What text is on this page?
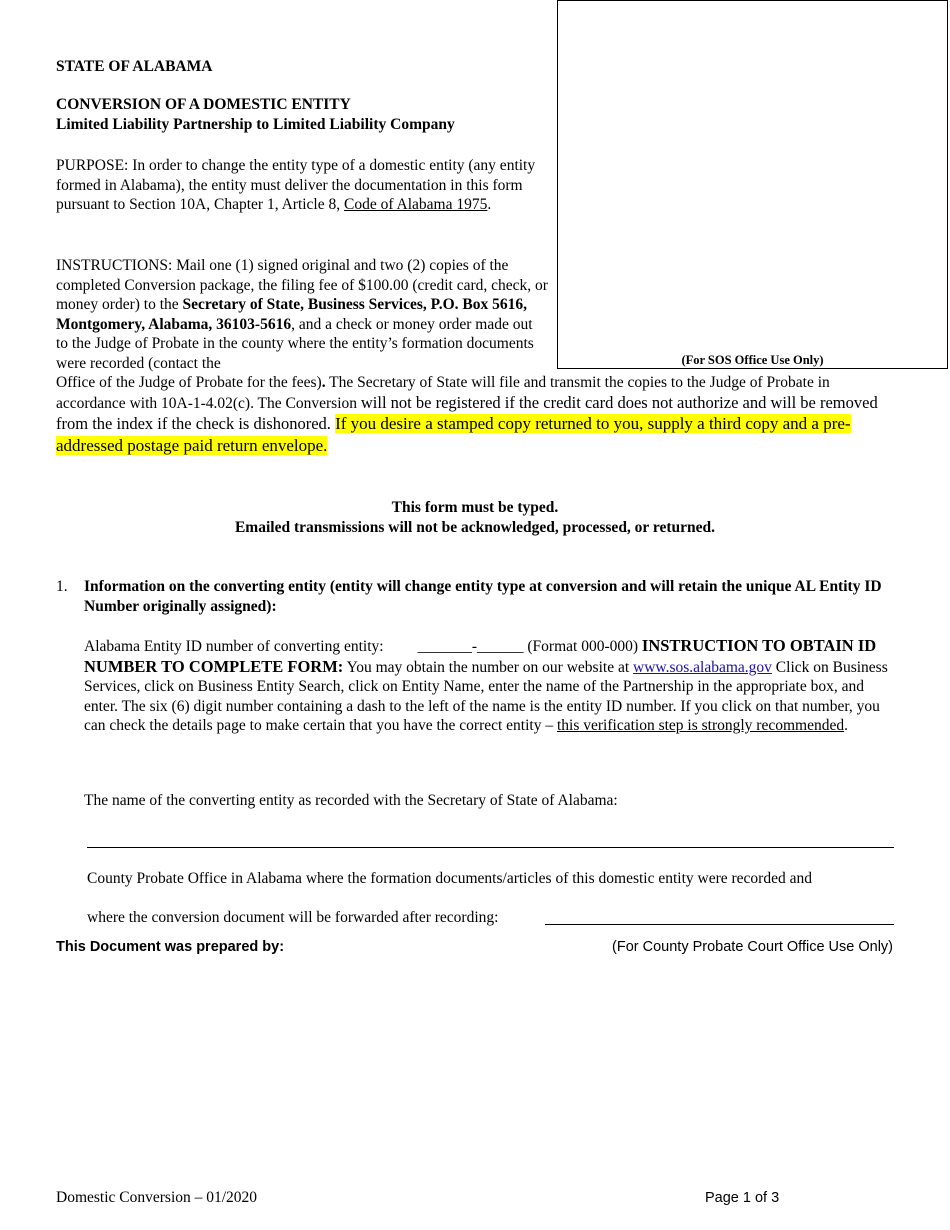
(For SOS Office Use Only)
STATE OF ALABAMA
CONVERSION OF A DOMESTIC ENTITY
Limited Liability Partnership to Limited Liability Company
PURPOSE: In order to change the entity type of a domestic entity (any entity formed in Alabama), the entity must deliver the documentation in this form pursuant to Section 10A, Chapter 1, Article 8, Code of Alabama 1975.
INSTRUCTIONS: Mail one (1) signed original and two (2) copies of the completed Conversion package, the filing fee of $100.00 (credit card, check, or money order) to the Secretary of State, Business Services, P.O. Box 5616, Montgomery, Alabama, 36103-5616, and a check or money order made out to the Judge of Probate in the county where the entity’s formation documents were recorded (contact the
Office of the Judge of Probate for the fees). The Secretary of State will file and transmit the copies to the Judge of Probate in accordance with 10A-1-4.02(c). The Conversion will not be registered if the credit card does not authorize and will be removed from the index if the check is dishonored. If you desire a stamped copy returned to you, supply a third copy and a pre-addressed postage paid return envelope.
This form must be typed.
Emailed transmissions will not be acknowledged, processed, or returned.
1. Information on the converting entity (entity will change entity type at conversion and will retain the unique AL Entity ID Number originally assigned):
Alabama Entity ID number of converting entity: _______-______ (Format 000-000) INSTRUCTION TO OBTAIN ID NUMBER TO COMPLETE FORM: You may obtain the number on our website at www.sos.alabama.gov Click on Business Services, click on Business Entity Search, click on Entity Name, enter the name of the Partnership in the appropriate box, and enter. The six (6) digit number containing a dash to the left of the name is the entity ID number. If you click on that number, you can check the details page to make certain that you have the correct entity – this verification step is strongly recommended.
The name of the converting entity as recorded with the Secretary of State of Alabama:
County Probate Office in Alabama where the formation documents/articles of this domestic entity were recorded and
where the conversion document will be forwarded after recording:
This Document was prepared by:	(For County Probate Court Office Use Only)
Domestic Conversion – 01/2020	Page 1 of 3
